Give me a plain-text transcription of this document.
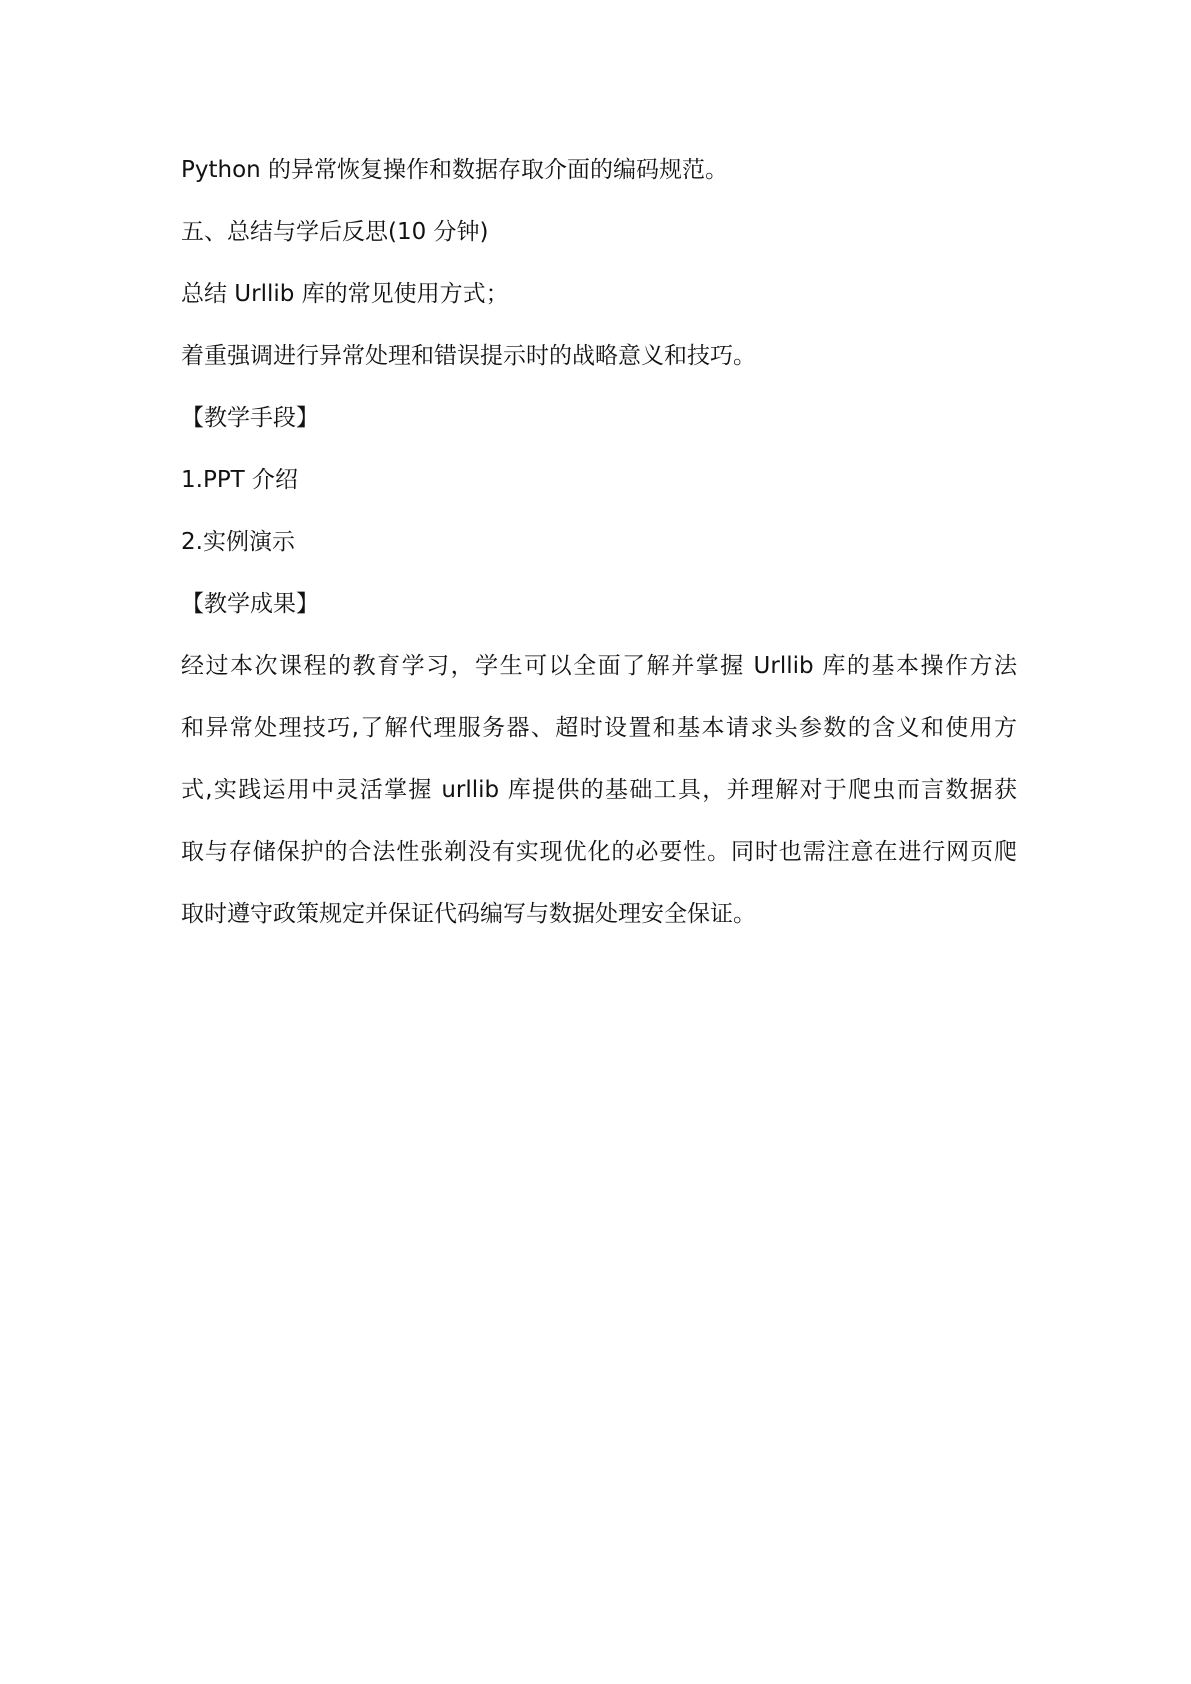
Python 的异常恢复操作和数据存取介面的编码规范。

五、总结与学后反思(10 分钟)

总结 Urllib 库的常见使用方式；

着重强调进行异常处理和错误提示时的战略意义和技巧。

【教学手段】

1.PPT 介绍

2.实例演示

【教学成果】

经过本次课程的教育学习，学生可以全面了解并掌握 Urllib 库的基本操作方法
和异常处理技巧,了解代理服务器、超时设置和基本请求头参数的含义和使用方
式,实践运用中灵活掌握 urllib 库提供的基础工具，并理解对于爬虫而言数据获
取与存储保护的合法性张剃没有实现优化的必要性。同时也需注意在进行网页爬
取时遵守政策规定并保证代码编写与数据处理安全保证。
